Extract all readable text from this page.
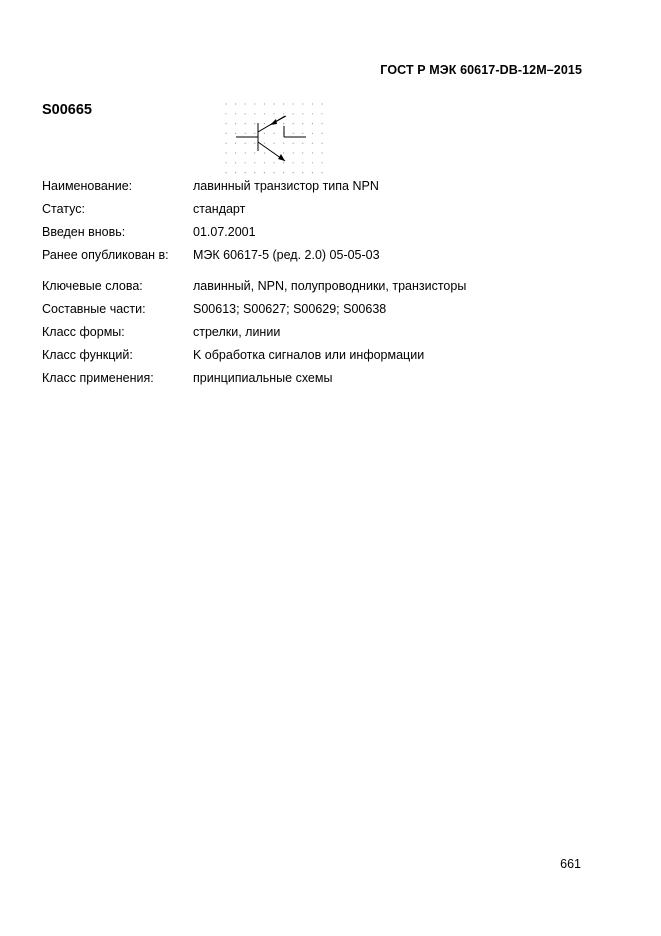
ГОСТ Р МЭК 60617-DB-12M–2015
S00665
Наименование:	лавинный транзистор типа NPN
Статус:	стандарт
Введен вновь:	01.07.2001
Ранее опубликован в:	МЭК 60617-5 (ред. 2.0) 05-05-03
Ключевые слова:	лавинный, NPN, полупроводники, транзисторы
Составные части:	S00613; S00627; S00629; S00638
Класс формы:	стрелки, линии
Класс функций:	K обработка сигналов или информации
Класс применения:	принципиальные схемы
661
